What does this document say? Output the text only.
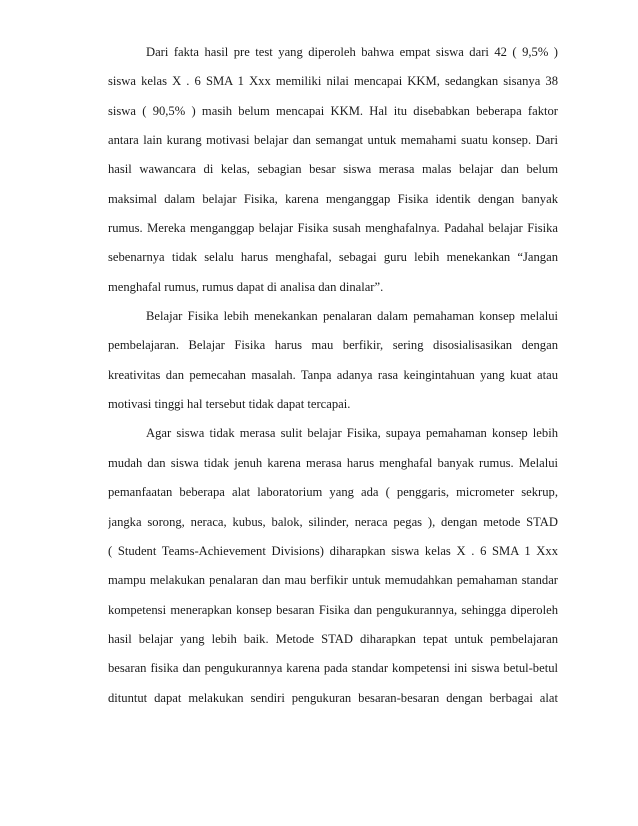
Dari fakta hasil pre test yang diperoleh bahwa empat siswa dari 42 ( 9,5% )
siswa kelas X . 6 SMA 1 Xxx memiliki nilai mencapai KKM, sedangkan sisanya 38
siswa ( 90,5% ) masih belum mencapai KKM. Hal itu disebabkan beberapa faktor
antara lain kurang motivasi belajar dan semangat untuk memahami suatu konsep. Dari
hasil wawancara di kelas, sebagian besar siswa merasa malas belajar dan belum
maksimal dalam belajar Fisika, karena menganggap Fisika identik dengan banyak
rumus. Mereka menganggap belajar Fisika susah menghafalnya. Padahal belajar Fisika
sebenarnya tidak selalu harus menghafal, sebagai guru lebih menekankan “Jangan
menghafal rumus, rumus dapat di analisa dan dinalar”.
Belajar Fisika lebih menekankan penalaran dalam pemahaman konsep melalui
pembelajaran. Belajar Fisika harus mau berfikir, sering disosialisasikan dengan
kreativitas dan pemecahan masalah. Tanpa adanya rasa keingintahuan yang kuat atau
motivasi tinggi hal tersebut tidak dapat tercapai.
Agar siswa tidak merasa sulit belajar Fisika, supaya pemahaman konsep lebih
mudah dan siswa tidak jenuh karena merasa harus menghafal banyak rumus. Melalui
pemanfaatan beberapa alat laboratorium yang ada ( penggaris, micrometer sekrup,
jangka sorong, neraca, kubus, balok, silinder, neraca pegas ), dengan metode STAD
( Student Teams-Achievement Divisions) diharapkan siswa kelas X . 6 SMA 1 Xxx
mampu melakukan penalaran dan mau berfikir untuk memudahkan pemahaman standar
kompetensi menerapkan konsep besaran Fisika dan pengukurannya, sehingga diperoleh
hasil belajar yang lebih baik. Metode STAD diharapkan tepat untuk pembelajaran
besaran fisika dan pengukurannya karena pada standar kompetensi ini siswa betul-betul
dituntut dapat melakukan sendiri pengukuran besaran-besaran dengan berbagai alat
